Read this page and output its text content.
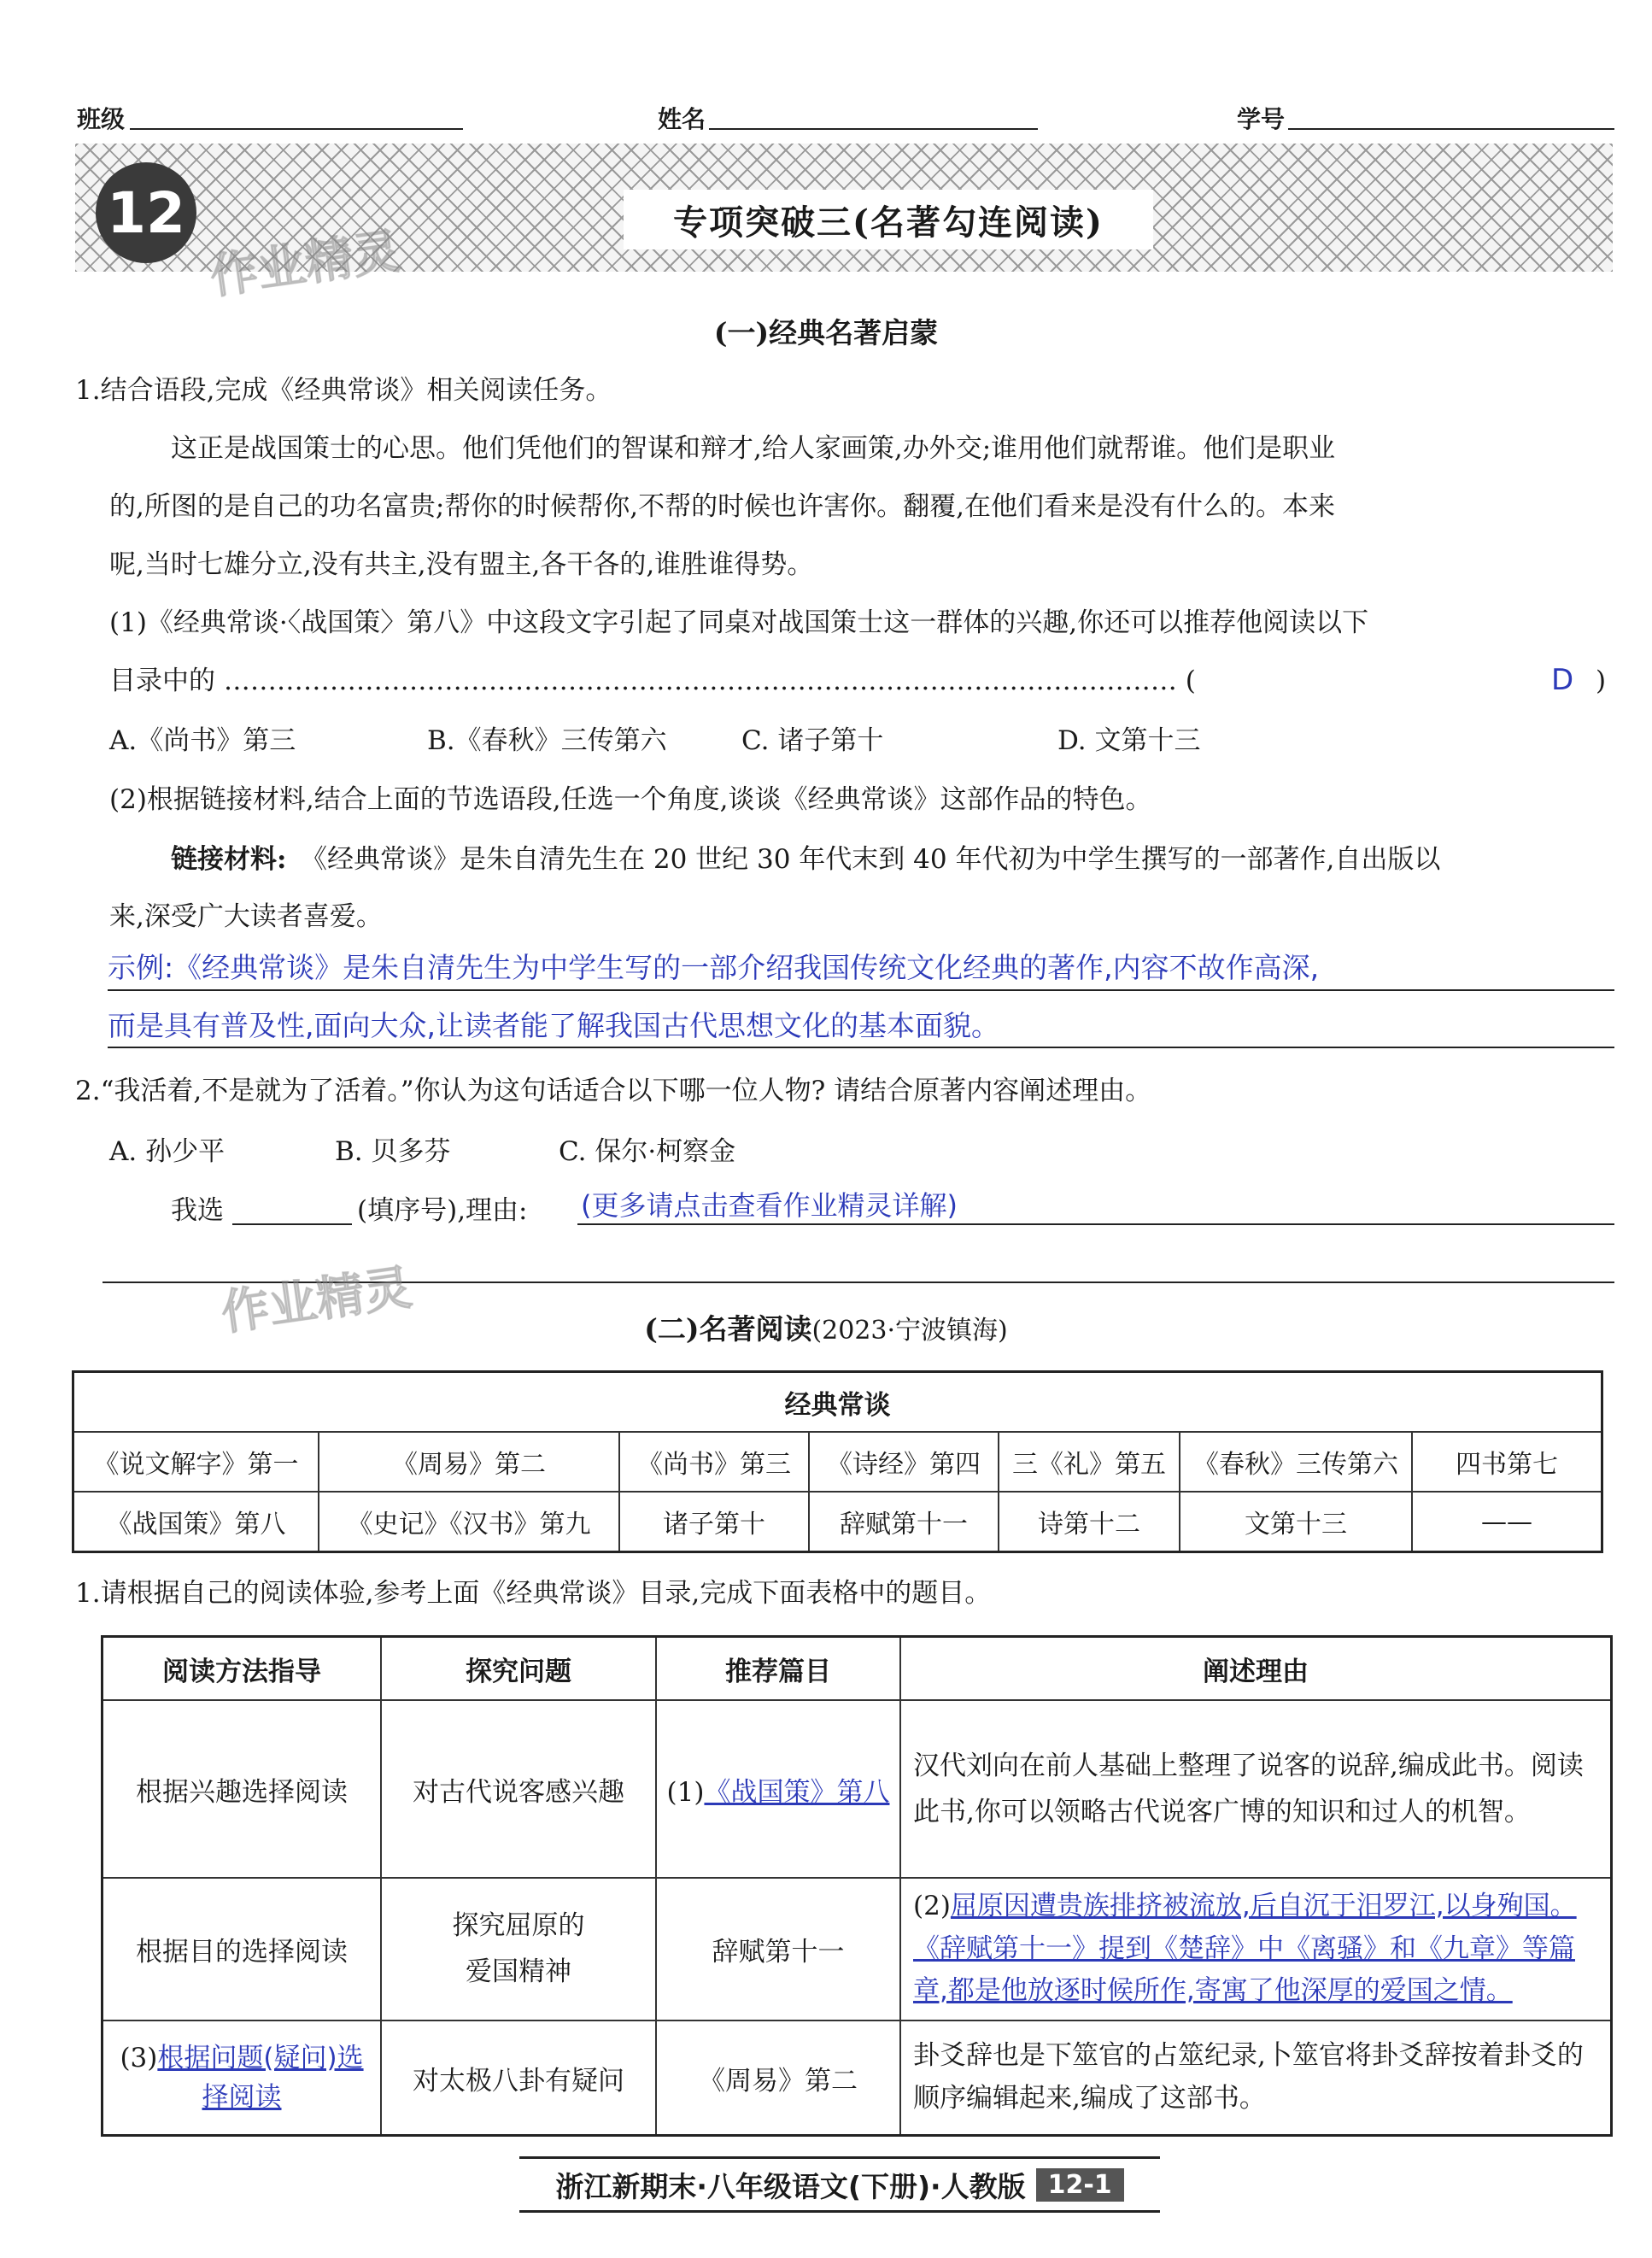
班级	姓名	学号
12	专项突破三(名著勾连阅读)
作业精灵
(一)经典名著启蒙
1.结合语段,完成《经典常谈》相关阅读任务。
这正是战国策士的心思。他们凭他们的智谋和辩才,给人家画策,办外交;谁用他们就帮谁。他们是职业
的,所图的是自己的功名富贵;帮你的时候帮你,不帮的时候也许害你。翻覆,在他们看来是没有什么的。本来
呢,当时七雄分立,没有共主,没有盟主,各干各的,谁胜谁得势。
(1)《经典常谈·〈战国策〉第八》中这段文字引起了同桌对战国策士这一群体的兴趣,你还可以推荐他阅读以下
目录中的 ……………………………………………………………………………………………… (	D )
A.《尚书》第三	B.《春秋》三传第六	C. 诸子第十	D. 文第十三
(2)根据链接材料,结合上面的节选语段,任选一个角度,谈谈《经典常谈》这部作品的特色。
链接材料: 《经典常谈》是朱自清先生在 20 世纪 30 年代末到 40 年代初为中学生撰写的一部著作,自出版以
来,深受广大读者喜爱。
示例:《经典常谈》是朱自清先生为中学生写的一部介绍我国传统文化经典的著作,内容不故作高深,
而是具有普及性,面向大众,让读者能了解我国古代思想文化的基本面貌。
2.“我活着,不是就为了活着。”你认为这句话适合以下哪一位人物? 请结合原著内容阐述理由。
A. 孙少平	B. 贝多芬	C. 保尔·柯察金
我选	(填序号),理由: (更多请点击查看作业精灵详解)
作业精灵	(二)名著阅读(2023·宁波镇海)
经典常谈						
《说文解字》第一	《周易》第二	《尚书》第三	《诗经》第四	三《礼》第五	《春秋》三传第六	四书第七
《战国策》第八	《史记》《汉书》第九	诸子第十	辞赋第十一	诗第十二	文第十三	——
1.请根据自己的阅读体验,参考上面《经典常谈》目录,完成下面表格中的题目。
阅读方法指导	探究问题	推荐篇目	阐述理由
根据兴趣选择阅读	对古代说客感兴趣	(1)《战国策》第八	汉代刘向在前人基础上整理了说客的说辞,编成此书。阅读此书,你可以领略古代说客广博的知识和过人的机智。
根据目的选择阅读	探究屈原的
爱国精神	辞赋第十一	(2)屈原因遭贵族排挤被流放,后自沉于汨罗江,以身殉国。《辞赋第十一》提到《楚辞》中《离骚》和《九章》等篇章,都是他放逐时候所作,寄寓了他深厚的爱国之情。
(3)根据问题(疑问)选择阅读	对太极八卦有疑问	《周易》第二	卦爻辞也是下筮官的占筮纪录,卜筮官将卦爻辞按着卦爻的顺序编辑起来,编成了这部书。
浙江新期末·八年级语文(下册)·人教版 12-1
